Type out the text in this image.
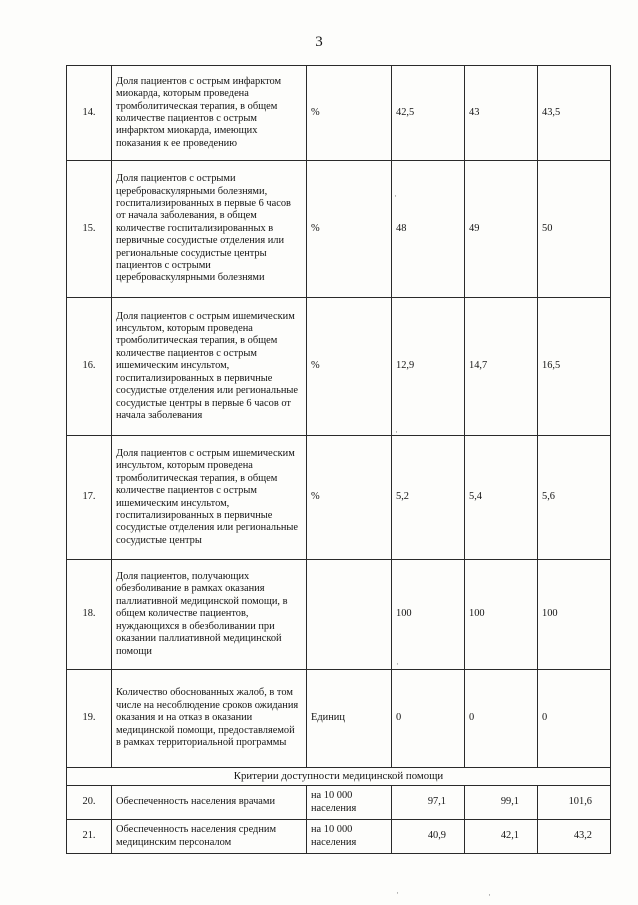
3
14.	Доля пациентов с острым инфарктом миокарда, которым проведена тромболитическая терапия, в общем количестве пациентов с острым инфарктом миокарда, имеющих показания к ее проведению	%	42,5	43	43,5
15.	Доля пациентов с острыми цереброваскулярными болезнями, госпитализированных в первые 6 часов от начала заболевания, в общем количестве госпитализированных в первичные сосудистые отделения или региональные сосудистые центры пациентов с острыми цереброваскулярными болезнями	%	48	49	50
16.	Доля пациентов с острым ишемическим инсультом, которым проведена тромболитическая терапия, в общем количестве пациентов с острым ишемическим инсультом, госпитализированных в первичные сосудистые отделения или региональные сосудистые центры в первые 6 часов от начала заболевания	%	12,9	14,7	16,5
17.	Доля пациентов с острым ишемическим инсультом, которым проведена тромболитическая терапия, в общем количестве пациентов с острым ишемическим инсультом, госпитализированных в первичные сосудистые отделения или региональные сосудистые центры	%	5,2	5,4	5,6
18.	Доля пациентов, получающих обезболивание в рамках оказания паллиативной медицинской помощи, в общем количестве пациентов, нуждающихся в обезболивании при оказании паллиативной медицинской помощи		100	100	100
19.	Количество обоснованных жалоб, в том числе на несоблюдение сроков ожидания оказания и на отказ в оказании медицинской помощи, предоставляемой в рамках территориальной программы	Единиц	0	0	0
Критерии доступности медицинской помощи					
20.	Обеспеченность населения врачами	на 10 000 населения	97,1	99,1	101,6
21.	Обеспеченность населения средним медицинским персоналом	на 10 000 населения	40,9	42,1	43,2
·
·
·
·	·
